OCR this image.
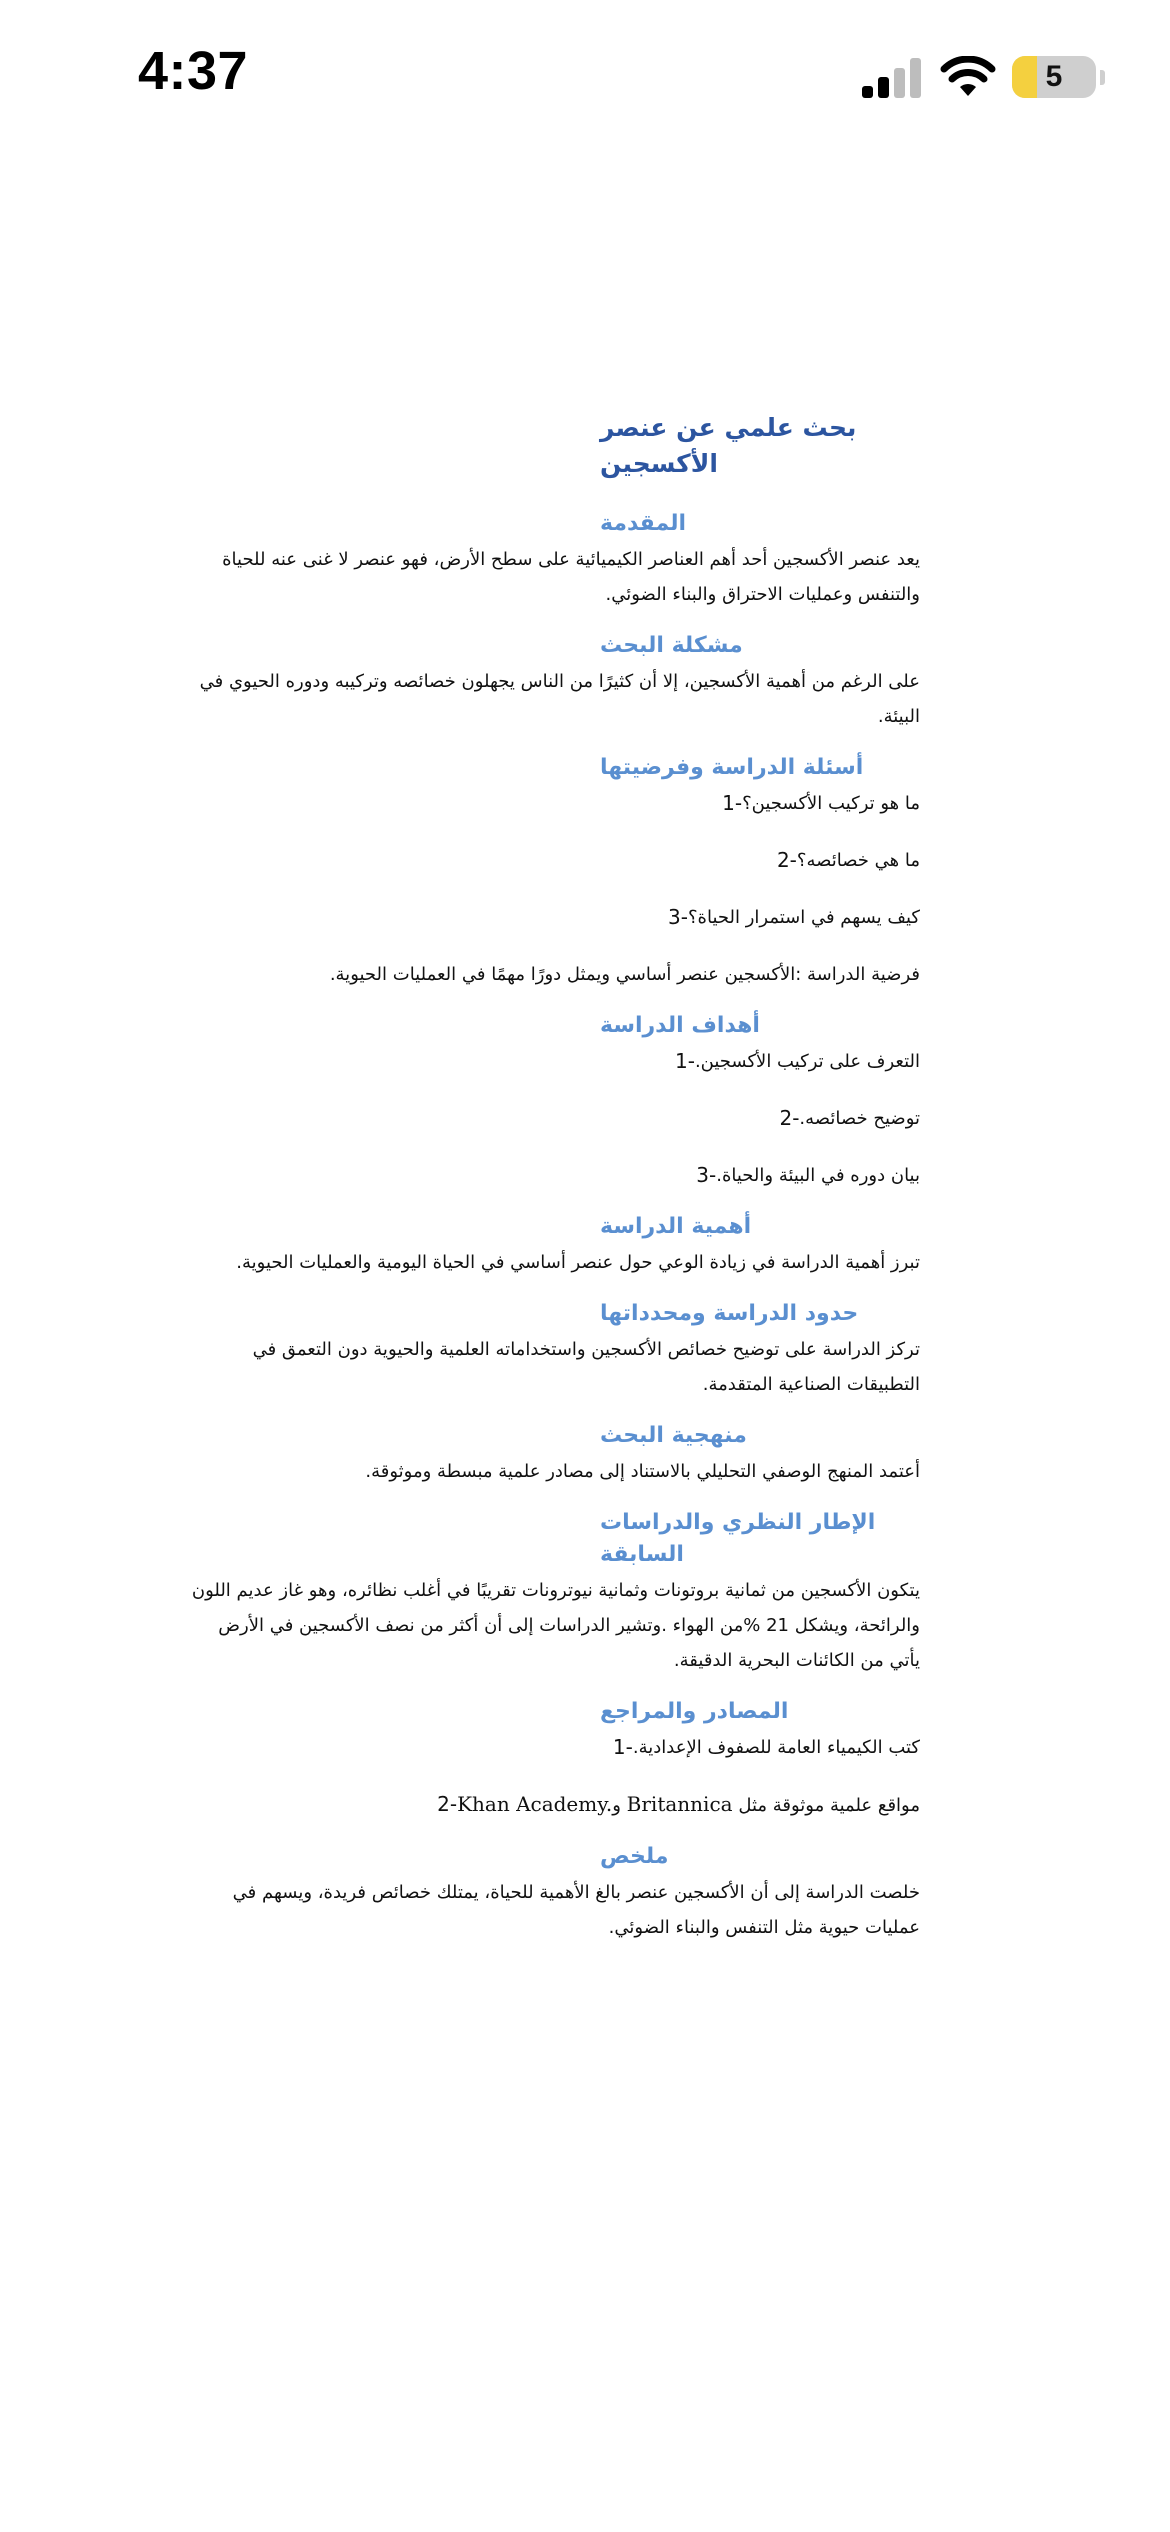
4:37	5
بحث علمي عن عنصر الأكسجين
المقدمة

يعد عنصر الأكسجين أحد أهم العناصر الكيميائية على سطح الأرض، فهو عنصر لا غنى عنه للحياة والتنفس وعمليات الاحتراق والبناء الضوئي.

مشكلة البحث

على الرغم من أهمية الأكسجين، إلا أن كثيرًا من الناس يجهلون خصائصه وتركيبه ودوره الحيوي في البيئة.

أسئلة الدراسة وفرضيتها
1- ما هو تركيب الأكسجين؟
2- ما هي خصائصه؟
3- كيف يسهم في استمرار الحياة؟

فرضية الدراسة :الأكسجين عنصر أساسي ويمثل دورًا مهمًا في العمليات الحيوية.

أهداف الدراسة
1- التعرف على تركيب الأكسجين.
2- توضيح خصائصه.
3- بيان دوره في البيئة والحياة.
أهمية الدراسة

تبرز أهمية الدراسة في زيادة الوعي حول عنصر أساسي في الحياة اليومية والعمليات الحيوية.

حدود الدراسة ومحدداتها

تركز الدراسة على توضيح خصائص الأكسجين واستخداماته العلمية والحيوية دون التعمق في التطبيقات الصناعية المتقدمة.

منهجية البحث

أعتمد المنهج الوصفي التحليلي بالاستناد إلى مصادر علمية مبسطة وموثوقة.

الإطار النظري والدراسات السابقة

يتكون الأكسجين من ثمانية بروتونات وثمانية نيوترونات تقريبًا في أغلب نظائره، وهو غاز عديم اللون والرائحة، ويشكل 21 %من الهواء .وتشير الدراسات إلى أن أكثر من نصف الأكسجين في الأرض يأتي من الكائنات البحرية الدقيقة.

المصادر والمراجع
1- كتب الكيمياء العامة للصفوف الإعدادية.
2-	مواقع علمية موثوقة مثل Britannica وKhan Academy.
ملخص

خلصت الدراسة إلى أن الأكسجين عنصر بالغ الأهمية للحياة، يمتلك خصائص فريدة، ويسهم في عمليات حيوية مثل التنفس والبناء الضوئي.
